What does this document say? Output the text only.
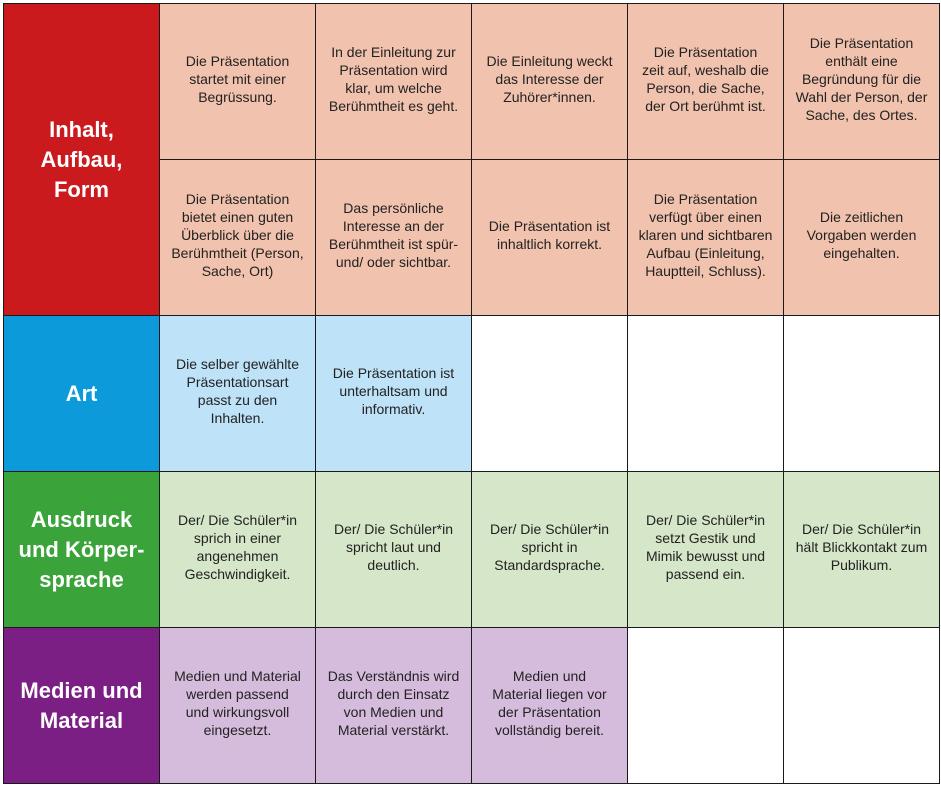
Inhalt,
Aufbau,
Form
Die Präsentation
startet mit einer
Begrüssung.
In der Einleitung zur
Präsentation wird
klar, um welche
Berühmtheit es geht.
Die Einleitung weckt
das Interesse der
Zuhörer*innen.
Die Präsentation
zeit auf, weshalb die
Person, die Sache,
der Ort berühmt ist.
Die Präsentation
enthält eine
Begründung für die
Wahl der Person, der
Sache, des Ortes.
Die Präsentation
bietet einen guten
Überblick über die
Berühmtheit (Person,
Sache, Ort)
Das persönliche
Interesse an der
Berühmtheit ist spür-
und/ oder sichtbar.
Die Präsentation ist
inhaltlich korrekt.
Die Präsentation
verfügt über einen
klaren und sichtbaren
Aufbau (Einleitung,
Hauptteil, Schluss).
Die zeitlichen
Vorgaben werden
eingehalten.
Art
Die selber gewählte
Präsentationsart
passt zu den
Inhalten.
Die Präsentation ist
unterhaltsam und
informativ.
Ausdruck
und Körper-
sprache
Der/ Die Schüler*in
sprich in einer
angenehmen
Geschwindigkeit.
Der/ Die Schüler*in
spricht laut und
deutlich.
Der/ Die Schüler*in
spricht in
Standardsprache.
Der/ Die Schüler*in
setzt Gestik und
Mimik bewusst und
passend ein.
Der/ Die Schüler*in
hält Blickkontakt zum
Publikum.
Medien und
Material
Medien und Material
werden passend
und wirkungsvoll
eingesetzt.
Das Verständnis wird
durch den Einsatz
von Medien und
Material verstärkt.
Medien und
Material liegen vor
der Präsentation
vollständig bereit.
